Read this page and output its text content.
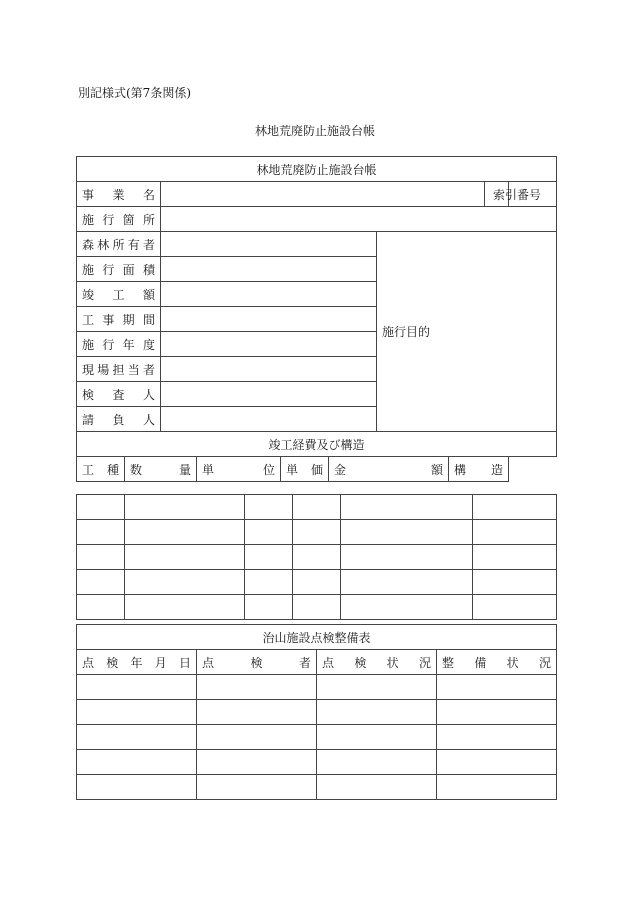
別記様式(第7条関係)
林地荒廃防止施設台帳
林地荒廃防止施設台帳									

事 業 名								索 引 番 号	

施 行 箇 所									

森 林 所 有 者						施行目的			

施 行 面 積									

竣 工 額									

工 事 期 間									

施 行 年 度									

現 場 担 当 者									

検 査 人									

請 負 人									

竣工経費及び構造									

工 種	数 量		単 位	単 価	金 額		構 造		

治山施設点検整備表			

点 検 年 月 日	点 検 者	点 検 状 況	整 備 状 況
